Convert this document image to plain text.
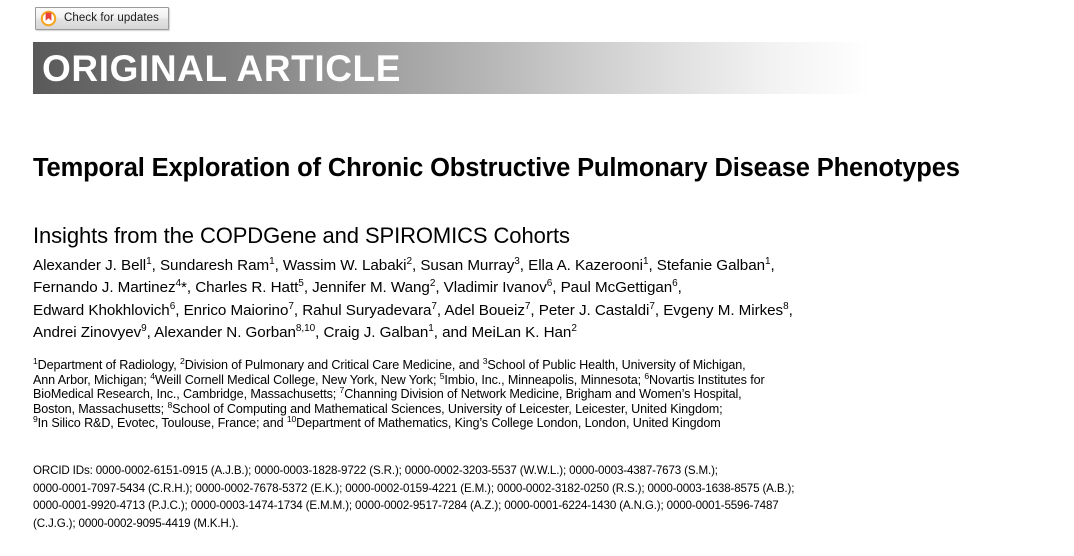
Check for updates
ORIGINAL ARTICLE
Temporal Exploration of Chronic Obstructive Pulmonary Disease Phenotypes
Insights from the COPDGene and SPIROMICS Cohorts
Alexander J. Bell$^1$, Sundaresh Ram$^1$, Wassim W. Labaki$^2$, Susan Murray$^3$, Ella A. Kazerooni$^1$, Stefanie Galban$^1$,
Fernando J. Martinez$^4$*, Charles R. Hatt$^5$, Jennifer M. Wang$^2$, Vladimir Ivanov$^6$, Paul McGettigan$^6$,
Edward Khokhlovich$^6$, Enrico Maiorino$^7$, Rahul Suryadevara$^7$, Adel Boueiz$^7$, Peter J. Castaldi$^7$, Evgeny M. Mirkes$^8$,
Andrei Zinovyev$^9$, Alexander N. Gorban$^{8,10}$, Craig J. Galban$^1$, and MeiLan K. Han$^2$
$^1$Department of Radiology, $^2$Division of Pulmonary and Critical Care Medicine, and $^3$School of Public Health, University of Michigan,
Ann Arbor, Michigan; $^4$Weill Cornell Medical College, New York, New York; $^5$Imbio, Inc., Minneapolis, Minnesota; $^6$Novartis Institutes for
BioMedical Research, Inc., Cambridge, Massachusetts; $^7$Channing Division of Network Medicine, Brigham and Women’s Hospital,
Boston, Massachusetts; $^8$School of Computing and Mathematical Sciences, University of Leicester, Leicester, United Kingdom;
$^9$In Silico R&D, Evotec, Toulouse, France; and $^{10}$Department of Mathematics, King’s College London, London, United Kingdom
ORCID IDs: 0000-0002-6151-0915 (A.J.B.); 0000-0003-1828-9722 (S.R.); 0000-0002-3203-5537 (W.W.L.); 0000-0003-4387-7673 (S.M.);
0000-0001-7097-5434 (C.R.H.); 0000-0002-7678-5372 (E.K.); 0000-0002-0159-4221 (E.M.); 0000-0002-3182-0250 (R.S.); 0000-0003-1638-8575 (A.B.);
0000-0001-9920-4713 (P.J.C.); 0000-0003-1474-1734 (E.M.M.); 0000-0002-9517-7284 (A.Z.); 0000-0001-6224-1430 (A.N.G.); 0000-0001-5596-7487
(C.J.G.); 0000-0002-9095-4419 (M.K.H.).
